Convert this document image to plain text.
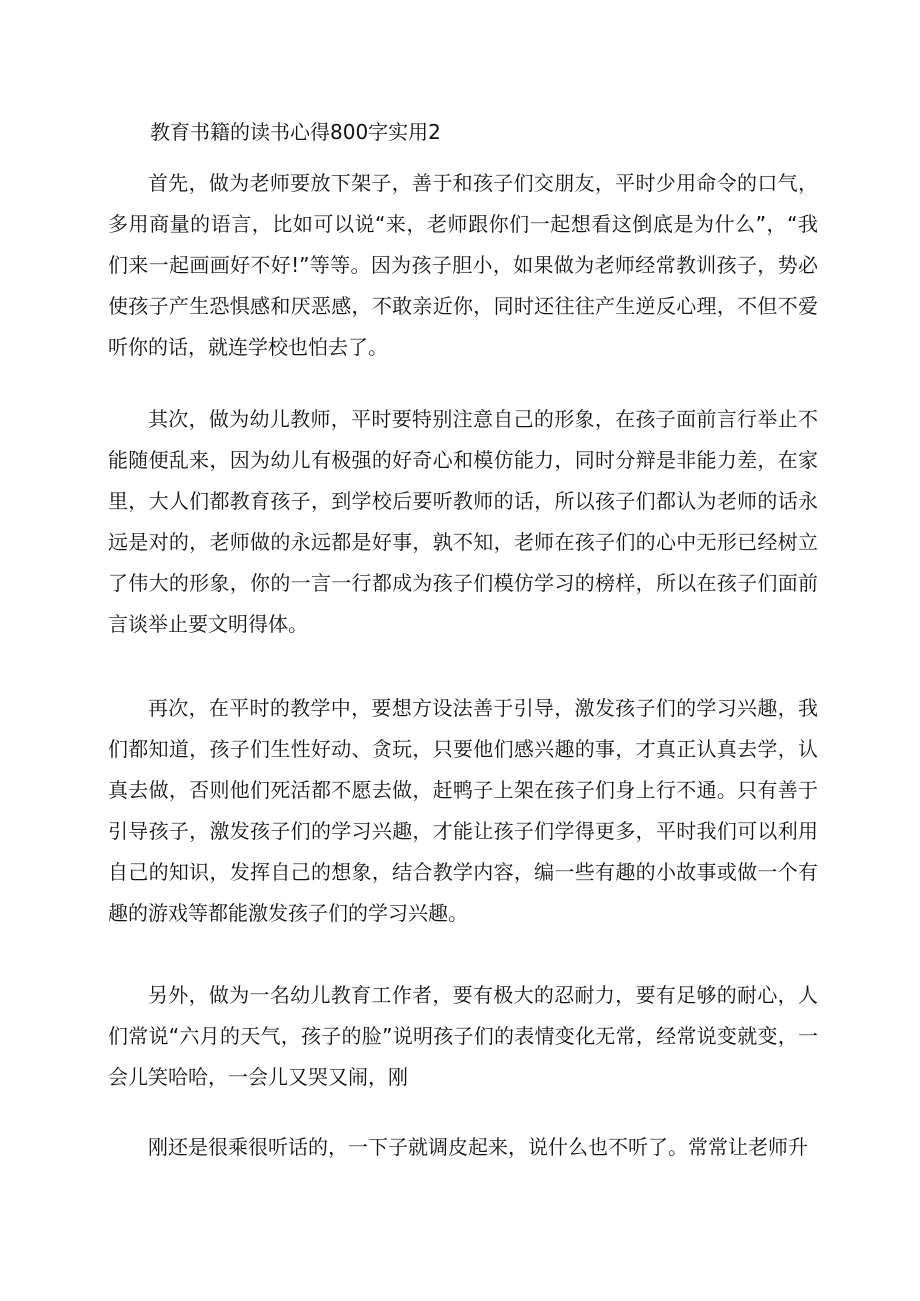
教育书籍的读书心得800字实用2

首先，做为老师要放下架子，善于和孩子们交朋友，平时少用命令的口气，多用商量的语言，比如可以说“来，老师跟你们一起想看这倒底是为什么”，“我们来一起画画好不好!”等等。因为孩子胆小，如果做为老师经常教训孩子，势必使孩子产生恐惧感和厌恶感，不敢亲近你，同时还往往产生逆反心理，不但不爱听你的话，就连学校也怕去了。

其次，做为幼儿教师，平时要特别注意自己的形象，在孩子面前言行举止不能随便乱来，因为幼儿有极强的好奇心和模仿能力，同时分辩是非能力差，在家里，大人们都教育孩子，到学校后要听教师的话，所以孩子们都认为老师的话永远是对的，老师做的永远都是好事，孰不知，老师在孩子们的心中无形已经树立了伟大的形象，你的一言一行都成为孩子们模仿学习的榜样，所以在孩子们面前言谈举止要文明得体。

再次，在平时的教学中，要想方设法善于引导，激发孩子们的学习兴趣，我们都知道，孩子们生性好动、贪玩，只要他们感兴趣的事，才真正认真去学，认真去做，否则他们死活都不愿去做，赶鸭子上架在孩子们身上行不通。只有善于引导孩子，激发孩子们的学习兴趣，才能让孩子们学得更多，平时我们可以利用自己的知识，发挥自己的想象，结合教学内容，编一些有趣的小故事或做一个有趣的游戏等都能激发孩子们的学习兴趣。

另外，做为一名幼儿教育工作者，要有极大的忍耐力，要有足够的耐心，人们常说“六月的天气，孩子的脸”说明孩子们的表情变化无常，经常说变就变，一会儿笑哈哈，一会儿又哭又闹，刚

刚还是很乘很听话的，一下子就调皮起来，说什么也不听了。常常让老师升
